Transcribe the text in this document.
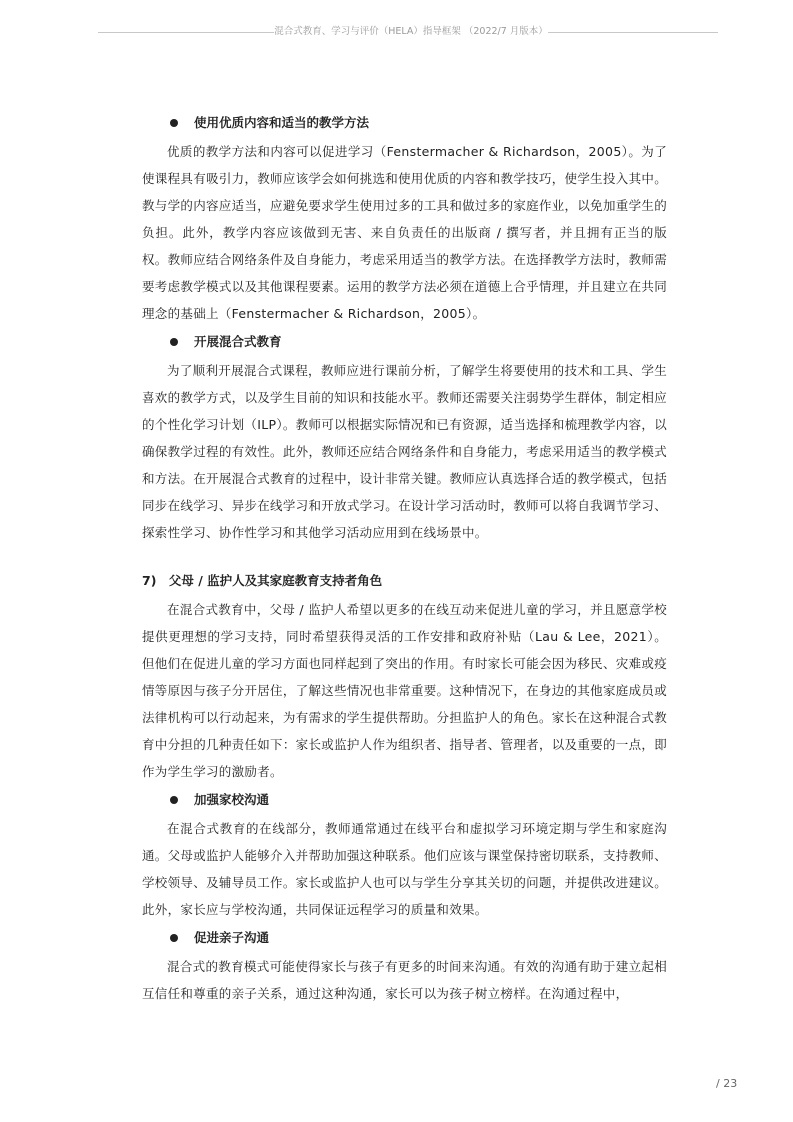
混合式教育、学习与评价（HELA）指导框架 （2022/7 月版本）
使用优质内容和适当的教学方法

优质的教学方法和内容可以促进学习（Fenstermacher & Richardson，2005）。为了使课程具有吸引力，教师应该学会如何挑选和使用优质的内容和教学技巧，使学生投入其中。教与学的内容应适当，应避免要求学生使用过多的工具和做过多的家庭作业，以免加重学生的负担。此外，教学内容应该做到无害、来自负责任的出版商 / 撰写者，并且拥有正当的版权。教师应结合网络条件及自身能力，考虑采用适当的教学方法。在选择教学方法时，教师需要考虑教学模式以及其他课程要素。运用的教学方法必须在道德上合乎情理，并且建立在共同理念的基础上（Fenstermacher & Richardson，2005）。

开展混合式教育

为了顺利开展混合式课程，教师应进行课前分析，了解学生将要使用的技术和工具、学生喜欢的教学方式，以及学生目前的知识和技能水平。教师还需要关注弱势学生群体，制定相应的个性化学习计划（ILP）。教师可以根据实际情况和已有资源，适当选择和梳理教学内容，以确保教学过程的有效性。此外，教师还应结合网络条件和自身能力，考虑采用适当的教学模式和方法。在开展混合式教育的过程中，设计非常关键。教师应认真选择合适的教学模式，包括同步在线学习、异步在线学习和开放式学习。在设计学习活动时，教师可以将自我调节学习、探索性学习、协作性学习和其他学习活动应用到在线场景中。

7)　父母 / 监护人及其家庭教育支持者角色

在混合式教育中，父母 / 监护人希望以更多的在线互动来促进儿童的学习，并且愿意学校提供更理想的学习支持，同时希望获得灵活的工作安排和政府补贴（Lau & Lee，2021）。但他们在促进儿童的学习方面也同样起到了突出的作用。有时家长可能会因为移民、灾难或疫情等原因与孩子分开居住，了解这些情况也非常重要。这种情况下，在身边的其他家庭成员或法律机构可以行动起来，为有需求的学生提供帮助。分担监护人的角色。家长在这种混合式教育中分担的几种责任如下：家长或监护人作为组织者、指导者、管理者，以及重要的一点，即作为学生学习的激励者。

加强家校沟通

在混合式教育的在线部分，教师通常通过在线平台和虚拟学习环境定期与学生和家庭沟通。父母或监护人能够介入并帮助加强这种联系。他们应该与课堂保持密切联系，支持教师、学校领导、及辅导员工作。家长或监护人也可以与学生分享其关切的问题，并提供改进建议。此外，家长应与学校沟通，共同保证远程学习的质量和效果。

促进亲子沟通

混合式的教育模式可能使得家长与孩子有更多的时间来沟通。有效的沟通有助于建立起相互信任和尊重的亲子关系，通过这种沟通，家长可以为孩子树立榜样。在沟通过程中，

/ 23
